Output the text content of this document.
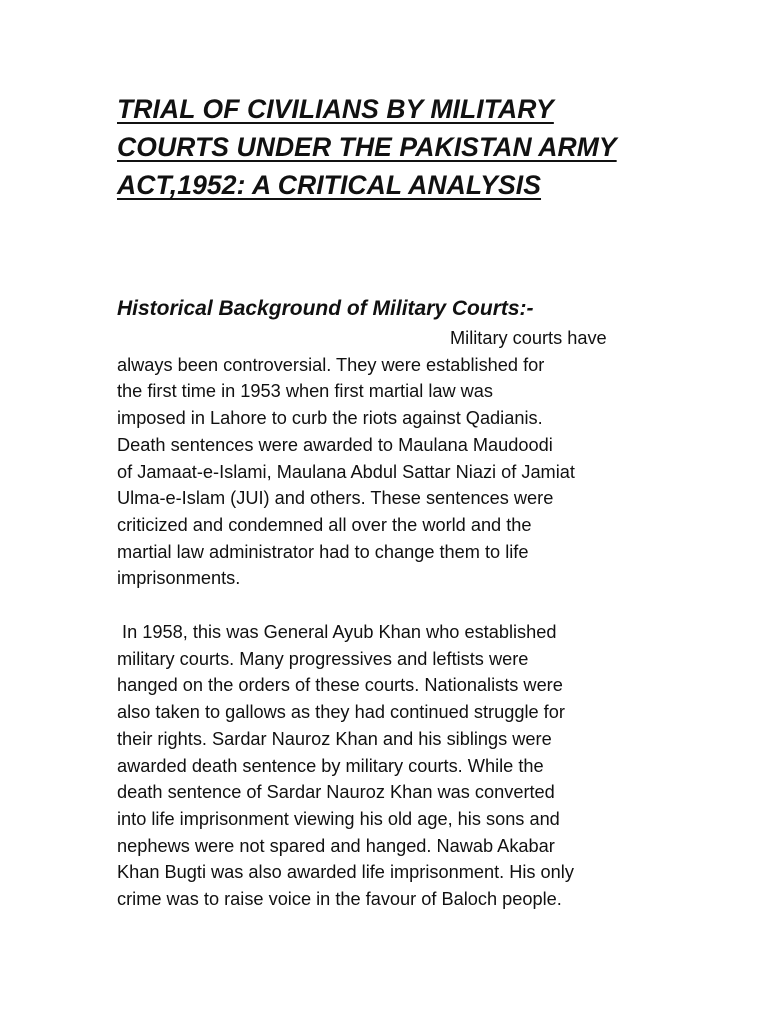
TRIAL OF CIVILIANS BY MILITARY
COURTS UNDER THE PAKISTAN ARMY
ACT,1952: A CRITICAL ANALYSIS
Historical Background of Military Courts:-

Military courts have
always been controversial. They were established for
the first time in 1953 when first martial law was
imposed in Lahore to curb the riots against Qadianis.
Death sentences were awarded to Maulana Maudoodi
of Jamaat-e-Islami, Maulana Abdul Sattar Niazi of Jamiat
Ulma-e-Islam (JUI) and others. These sentences were
criticized and condemned all over the world and the
martial law administrator had to change them to life
imprisonments.

In 1958, this was General Ayub Khan who established
military courts. Many progressives and leftists were
hanged on the orders of these courts. Nationalists were
also taken to gallows as they had continued struggle for
their rights. Sardar Nauroz Khan and his siblings were
awarded death sentence by military courts. While the
death sentence of Sardar Nauroz Khan was converted
into life imprisonment viewing his old age, his sons and
nephews were not spared and hanged. Nawab Akabar
Khan Bugti was also awarded life imprisonment. His only
crime was to raise voice in the favour of Baloch people.
